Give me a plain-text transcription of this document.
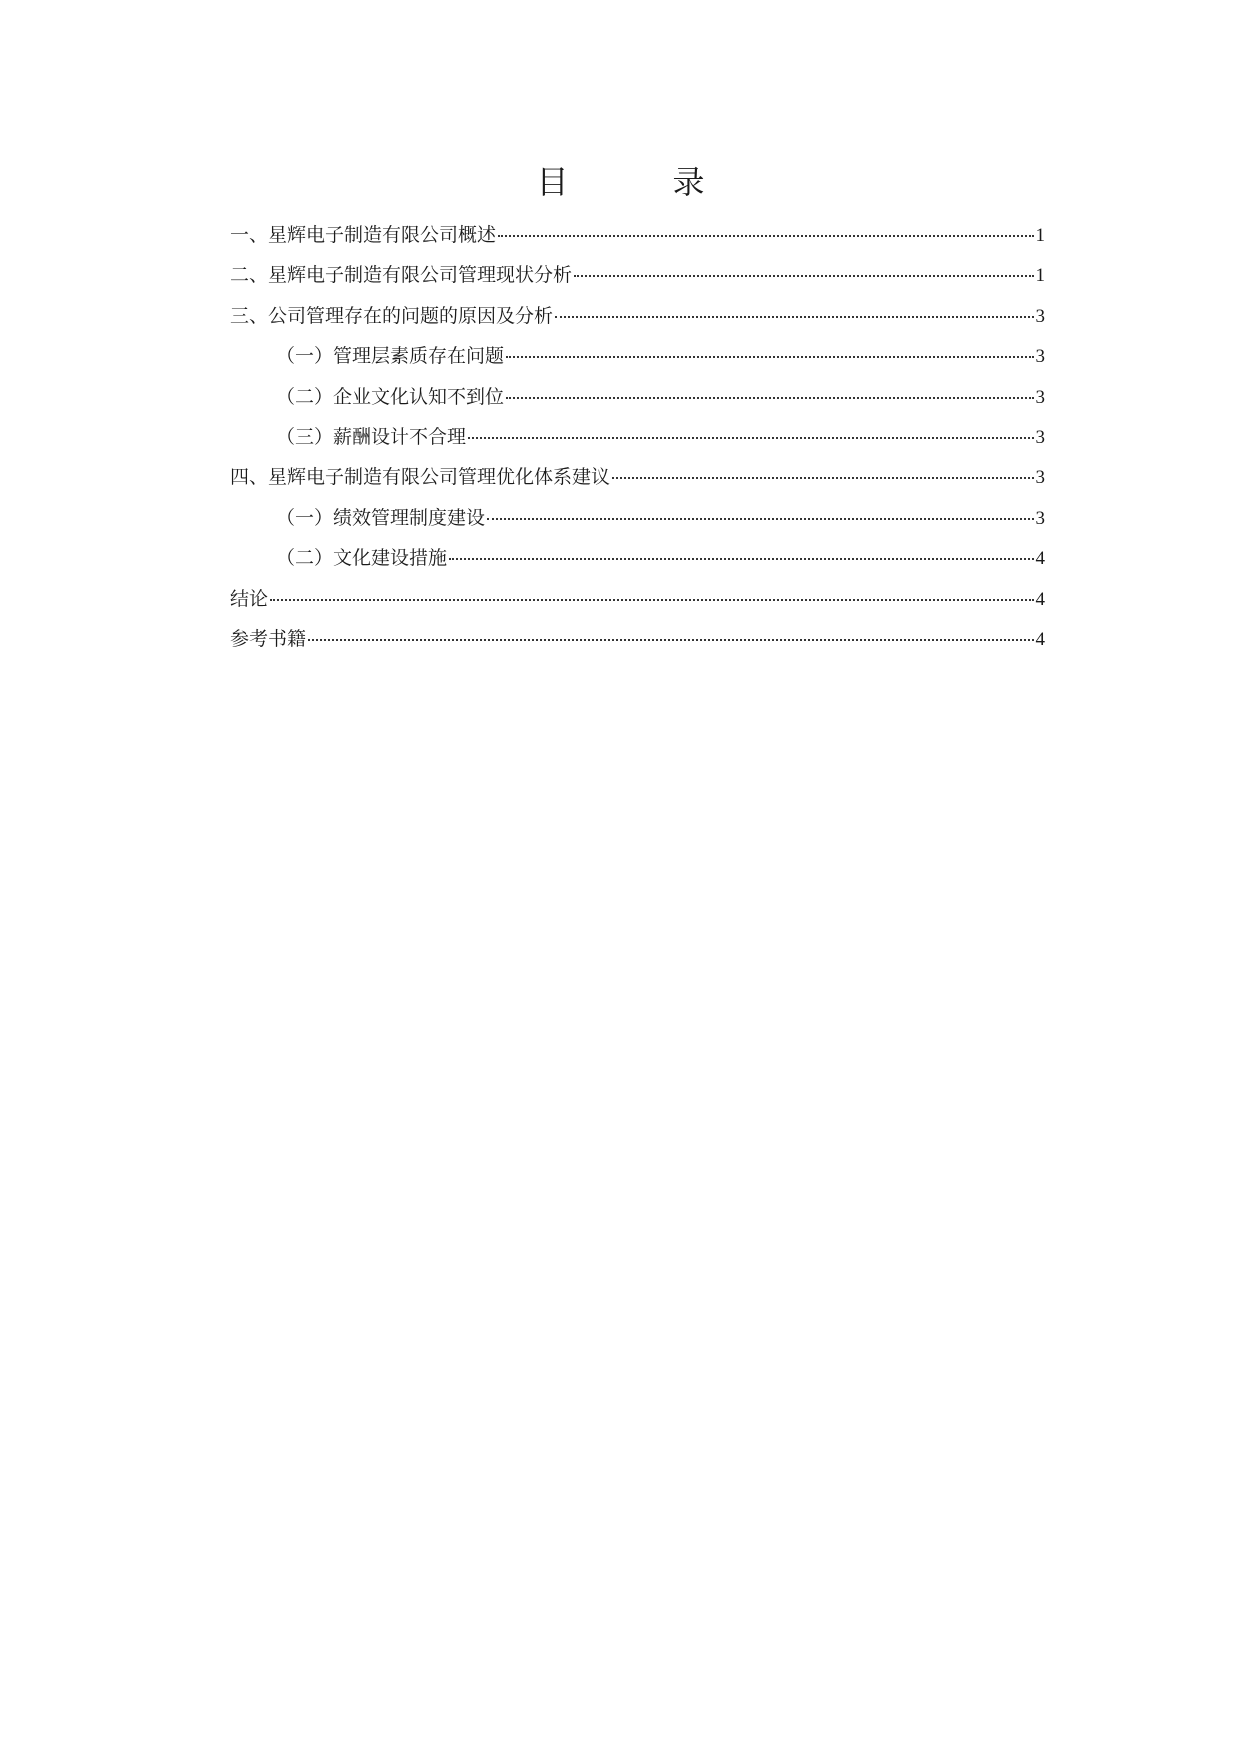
目　录
一、星辉电子制造有限公司概述	1
二、星辉电子制造有限公司管理现状分析	1
三、公司管理存在的问题的原因及分析	3
（一）管理层素质存在问题	3
（二）企业文化认知不到位	3
（三）薪酬设计不合理	3
四、星辉电子制造有限公司管理优化体系建议	3
（一）绩效管理制度建设	3
（二）文化建设措施	4
结论	4
参考书籍	4
